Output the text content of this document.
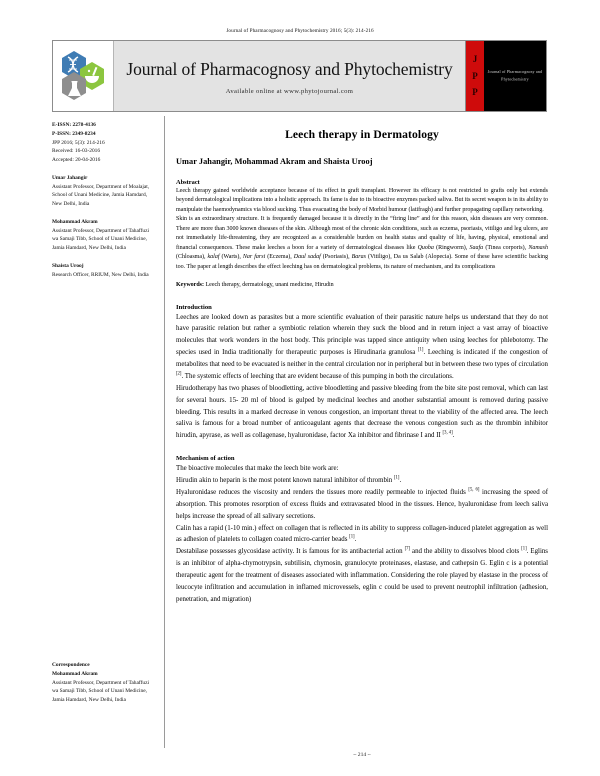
Journal of Pharmacognosy and Phytochemistry 2016; 5(3): 214-216
Journal of Pharmacognosy and Phytochemistry
Available online at www.phytojournal.com
J
P
P
Journal of Pharmacognosy and Phytochemistry
E-ISSN: 2278-4136
P-ISSN: 2349-8234
JPP 2016; 5(3): 214-216
Received: 16-03-2016
Accepted: 20-04-2016
Umar Jahangir
Assistant Professor, Department of Moalajat, School of Unani Medicine, Jamia Hamdard, New Delhi, India
Mohammad Akram
Assistant Professor, Department of Tahaffuzi wa Samaji Tibb, School of Unani Medicine, Jamia Hamdard, New Delhi, India
Shaista Urooj
Research Officer, RRIUM, New Delhi, India
Correspondence
Mohammad Akram
Assistant Professor, Department of Tahaffuzi wa Samaji Tibb, School of Unani Medicine, Jamia Hamdard, New Delhi, India
Leech therapy in Dermatology
Umar Jahangir, Mohammad Akram and Shaista Urooj
Abstract

Leech therapy gained worldwide acceptance because of its effect in graft transplant. However its efficacy is not restricted to grafts only but extends beyond dermatological implications into a holistic approach. Its fame is due to its bioactive enzymes packed saliva. But its secret weapon is in its ability to manipulate the haemodynamics via blood sucking. Thus evacuating the body of Morbid humour (latifragh) and further propagating capillary networking.

Skin is an extraordinary structure. It is frequently damaged because it is directly in the “firing line” and for this reason, skin diseases are very common. There are more than 3000 known diseases of the skin. Although most of the chronic skin conditions, such as eczema, psoriasis, vitiligo and leg ulcers, are not immediately life-threatening, they are recognized as a considerable burden on health status and quality of life, having, physical, emotional and financial consequences. These make leeches a boon for a variety of dermatological diseases like Quoba (Ringworm), Saafa (Tinea corporis), Namash (Chloasma), kalaf (Warts), Nar farsi (Eczema), Daul sadaf (Psoriasis), Baras (Vitiligo), Da us Salab (Alopecia). Some of these have scientific backing too. The paper at length describes the effect leeching has on dermatological problems, its nature of mechanism, and its complications

Keywords: Leech therapy, dermatology, unani medicine, Hirudin
Introduction

Leeches are looked down as parasites but a more scientific evaluation of their parasitic nature helps us understand that they do not have parasitic relation but rather a symbiotic relation wherein they suck the blood and in return inject a vast array of bioactive molecules that work wonders in the host body. This principle was tapped since antiquity when using leeches for phlebotomy. The species used in India traditionally for therapeutic purposes is Hirudinaria granulosa [1]. Leeching is indicated if the congestion of metabolites that need to be evacuated is neither in the central circulation nor in peripheral but in between these two types of circulation [2]. The systemic effects of leeching that are evident because of this pumping in both the circulations.

Hirudotherapy has two phases of bloodletting, active bloodletting and passive bleeding from the bite site post removal, which can last for several hours. 15- 20 ml of blood is gulped by medicinal leeches and another substantial amount is removed during passive bleeding. This results in a marked decrease in venous congestion, an important threat to the viability of the affected area. The leech saliva is famous for a broad number of anticoagulant agents that decrease the venous congestion such as the thrombin inhibitor hirudin, apyrase, as well as collagenase, hyaluronidase, factor Xa inhibitor and fibrinase I and II [3, 4].

Mechanism of action

The bioactive molecules that make the leech bite work are:

Hirudin akin to heparin is the most potent known natural inhibitor of thrombin [1].

Hyaluronidase reduces the viscosity and renders the tissues more readily permeable to injected fluids [5, 6] increasing the speed of absorption. This promotes resorption of excess fluids and extravasated blood in the tissues. Hence, hyaluronidase from leech saliva helps increase the spread of all salivary secretions.

Calin has a rapid (1-10 min.) effect on collagen that is reflected in its ability to suppress collagen-induced platelet aggregation as well as adhesion of platelets to collagen coated micro-carrier beads [1].

Destabilase possesses glycosidase activity. It is famous for its antibacterial action [7] and the ability to dissolves blood clots [1]. Eglins is an inhibitor of alpha-chymotrypsin, subtilisin, chymosin, granulocyte proteinases, elastase, and cathepsin G. Eglin c is a potential therapeutic agent for the treatment of diseases associated with inflammation. Considering the role played by elastase in the process of leucocyte infiltration and accumulation in inflamed microvessels, eglin c could be used to prevent neutrophil infiltration (adhesion, penetration, and migration)

~ 214 ~
